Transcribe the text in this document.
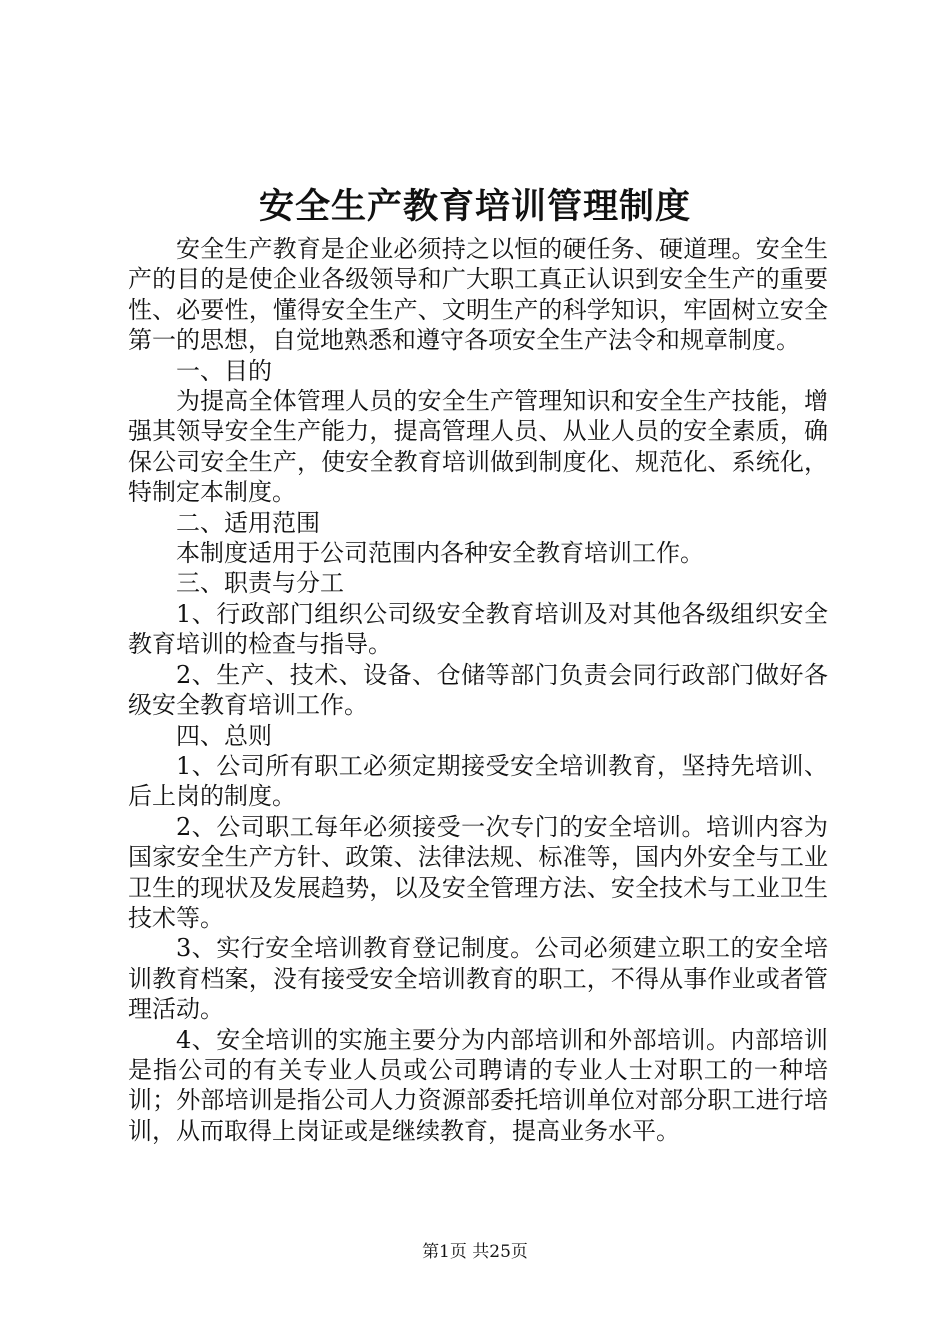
安全生产教育培训管理制度

安全生产教育是企业必须持之以恒的硬任务、硬道理。安全生产的目的是使企业各级领导和广大职工真正认识到安全生产的重要性、必要性，懂得安全生产、文明生产的科学知识，牢固树立安全第一的思想，自觉地熟悉和遵守各项安全生产法令和规章制度。

一、目的

为提高全体管理人员的安全生产管理知识和安全生产技能，增强其领导安全生产能力，提高管理人员、从业人员的安全素质，确保公司安全生产，使安全教育培训做到制度化、规范化、系统化，特制定本制度。

二、适用范围

本制度适用于公司范围内各种安全教育培训工作。

三、职责与分工

1、行政部门组织公司级安全教育培训及对其他各级组织安全教育培训的检查与指导。

2、生产、技术、设备、仓储等部门负责会同行政部门做好各级安全教育培训工作。

四、总则

1、公司所有职工必须定期接受安全培训教育，坚持先培训、后上岗的制度。

2、公司职工每年必须接受一次专门的安全培训。培训内容为国家安全生产方针、政策、法律法规、标准等，国内外安全与工业卫生的现状及发展趋势，以及安全管理方法、安全技术与工业卫生技术等。

3、实行安全培训教育登记制度。公司必须建立职工的安全培训教育档案，没有接受安全培训教育的职工，不得从事作业或者管理活动。

4、安全培训的实施主要分为内部培训和外部培训。内部培训是指公司的有关专业人员或公司聘请的专业人士对职工的一种培训；外部培训是指公司人力资源部委托培训单位对部分职工进行培训，从而取得上岗证或是继续教育，提高业务水平。

第1页 共25页
